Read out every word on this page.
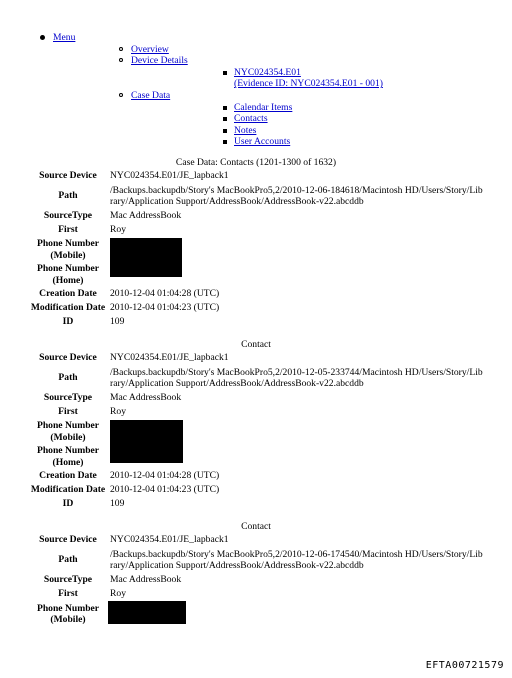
Menu
Overview
Device Details
NYC024354.E01
(Evidence ID: NYC024354.E01 - 001)
Case Data
Calendar Items
Contacts
Notes
User Accounts
Case Data: Contacts (1201-1300 of 1632)
Source Device	NYC024354.E01/JE_lapback1
Path	/Backups.backupdb/Story's MacBookPro5,2/2010-12-06-184618/Macintosh HD/Users/Story/Library/Application Support/AddressBook/AddressBook-v22.abcddb
SourceType	Mac AddressBook
First	Roy
Phone Number (Mobile)	
Phone Number (Home)	
Creation Date	2010-12-04 01:04:28 (UTC)
Modification Date	2010-12-04 01:04:23 (UTC)
ID	109
Contact
Source Device	NYC024354.E01/JE_lapback1
Path	/Backups.backupdb/Story's MacBookPro5,2/2010-12-05-233744/Macintosh HD/Users/Story/Library/Application Support/AddressBook/AddressBook-v22.abcddb
SourceType	Mac AddressBook
First	Roy
Phone Number (Mobile)	
Phone Number (Home)	
Creation Date	2010-12-04 01:04:28 (UTC)
Modification Date	2010-12-04 01:04:23 (UTC)
ID	109
Contact
Source Device	NYC024354.E01/JE_lapback1
Path	/Backups.backupdb/Story's MacBookPro5,2/2010-12-06-174540/Macintosh HD/Users/Story/Library/Application Support/AddressBook/AddressBook-v22.abcddb
SourceType	Mac AddressBook
First	Roy
Phone Number (Mobile)	
EFTA00721579
